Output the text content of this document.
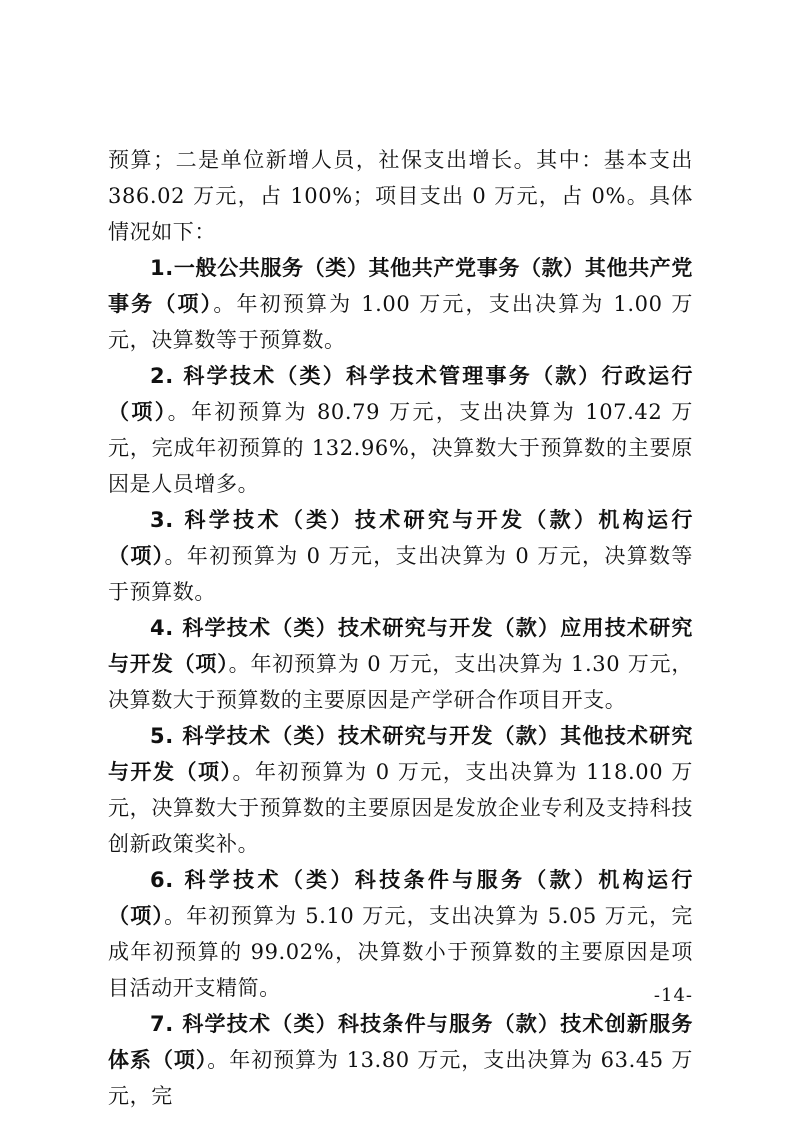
预算；二是单位新增人员，社保支出增长。其中：基本支出 386.02 万元，占 100%；项目支出 0 万元，占 0%。具体情况如下：

1.一般公共服务（类）其他共产党事务（款）其他共产党事务（项）。年初预算为 1.00 万元，支出决算为 1.00 万元，决算数等于预算数。

2. 科学技术（类）科学技术管理事务（款）行政运行（项）。年初预算为 80.79 万元，支出决算为 107.42 万元，完成年初预算的 132.96%，决算数大于预算数的主要原因是人员增多。

3. 科学技术（类）技术研究与开发（款）机构运行（项）。年初预算为 0 万元，支出决算为 0 万元，决算数等于预算数。

4. 科学技术（类）技术研究与开发（款）应用技术研究与开发（项）。年初预算为 0 万元，支出决算为 1.30 万元，决算数大于预算数的主要原因是产学研合作项目开支。

5. 科学技术（类）技术研究与开发（款）其他技术研究与开发（项）。年初预算为 0 万元，支出决算为 118.00 万元，决算数大于预算数的主要原因是发放企业专利及支持科技创新政策奖补。

6. 科学技术（类）科技条件与服务（款）机构运行（项）。年初预算为 5.10 万元，支出决算为 5.05 万元，完成年初预算的 99.02%，决算数小于预算数的主要原因是项目活动开支精简。

7. 科学技术（类）科技条件与服务（款）技术创新服务体系（项）。年初预算为 13.80 万元，支出决算为 63.45 万元，完

-14-
